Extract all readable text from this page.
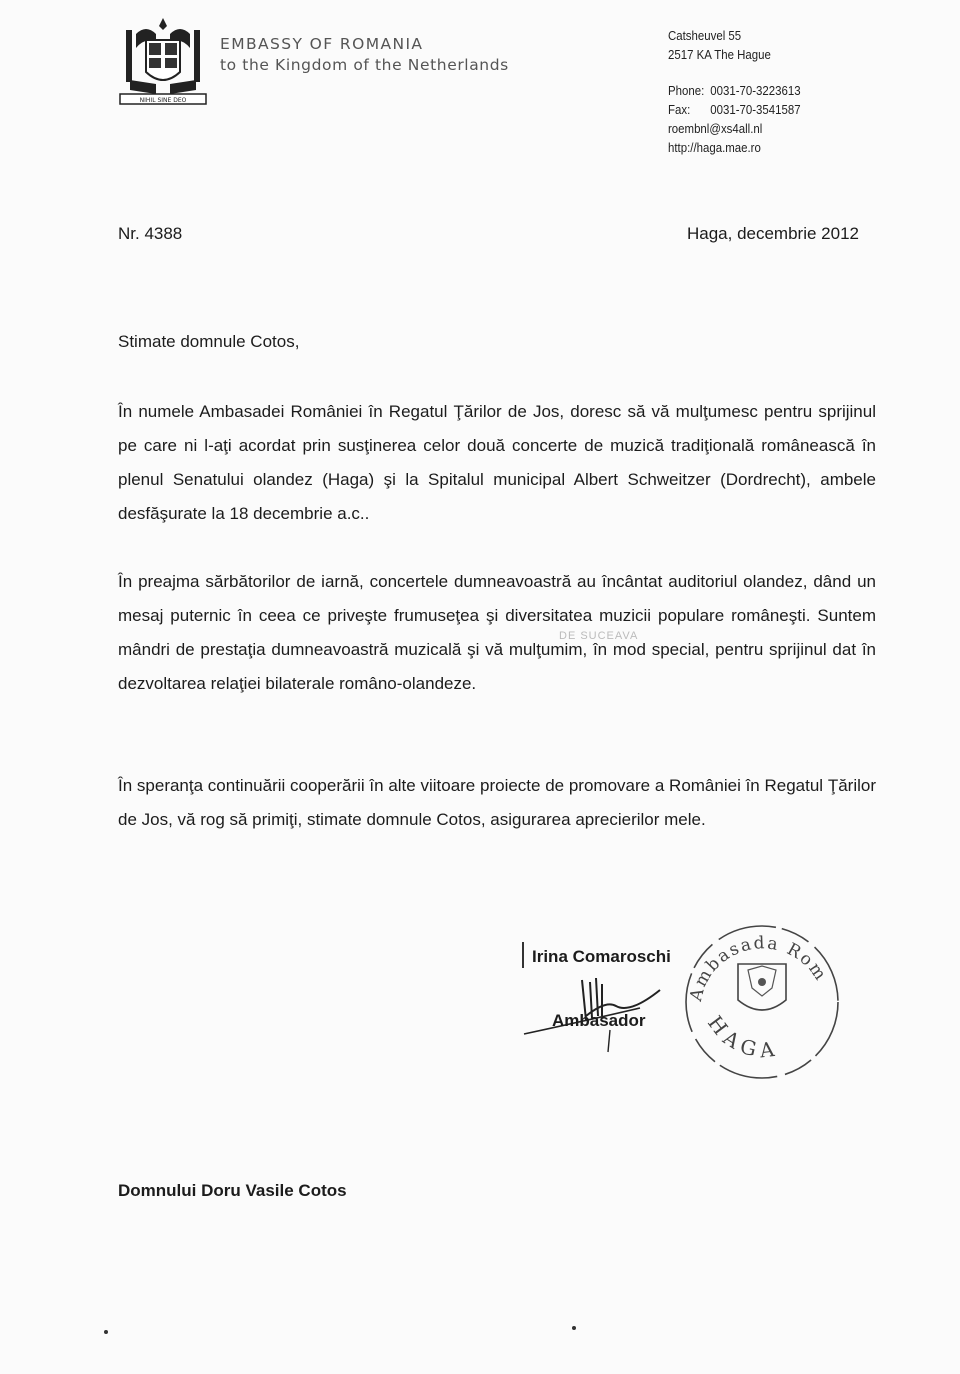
NIHIL SINE DEO
EMBASSY OF ROMANIA
to the Kingdom of the Netherlands
Catsheuvel 55
2517 KA The Hague
Phone: 0031-70-3223613
Fax: 0031-70-3541587
roembnl@xs4all.nl
http://haga.mae.ro
Nr. 4388	Haga, decembrie 2012
Stimate domnule Cotos,
În numele Ambasadei României în Regatul Ţărilor de Jos, doresc să vă mulţumesc pentru sprijinul pe care ni l-aţi acordat prin susţinerea celor două concerte de muzică tradiţională românească în plenul Senatului olandez (Haga) şi la Spitalul municipal Albert Schweitzer (Dordrecht), ambele desfăşurate la 18 decembrie a.c..
În preajma sărbătorilor de iarnă, concertele dumneavoastră au încântat auditoriul olandez, dând un mesaj puternic în ceea ce priveşte frumuseţea şi diversitatea muzicii populare româneşti. Suntem mândri de prestaţia dumneavoastră muzicală şi vă mulţumim, în mod special, pentru sprijinul dat în dezvoltarea relaţiei bilaterale româno-olandeze.
DE SUCEAVA
În speranţa continuării cooperării în alte viitoare proiecte de promovare a României în Regatul Ţărilor de Jos, vă rog să primiţi, stimate domnule Cotos, asigurarea aprecierilor mele.
Ambasada Rom
HAGA
Irina Comaroschi
Ambasador
Domnului Doru Vasile Cotos
